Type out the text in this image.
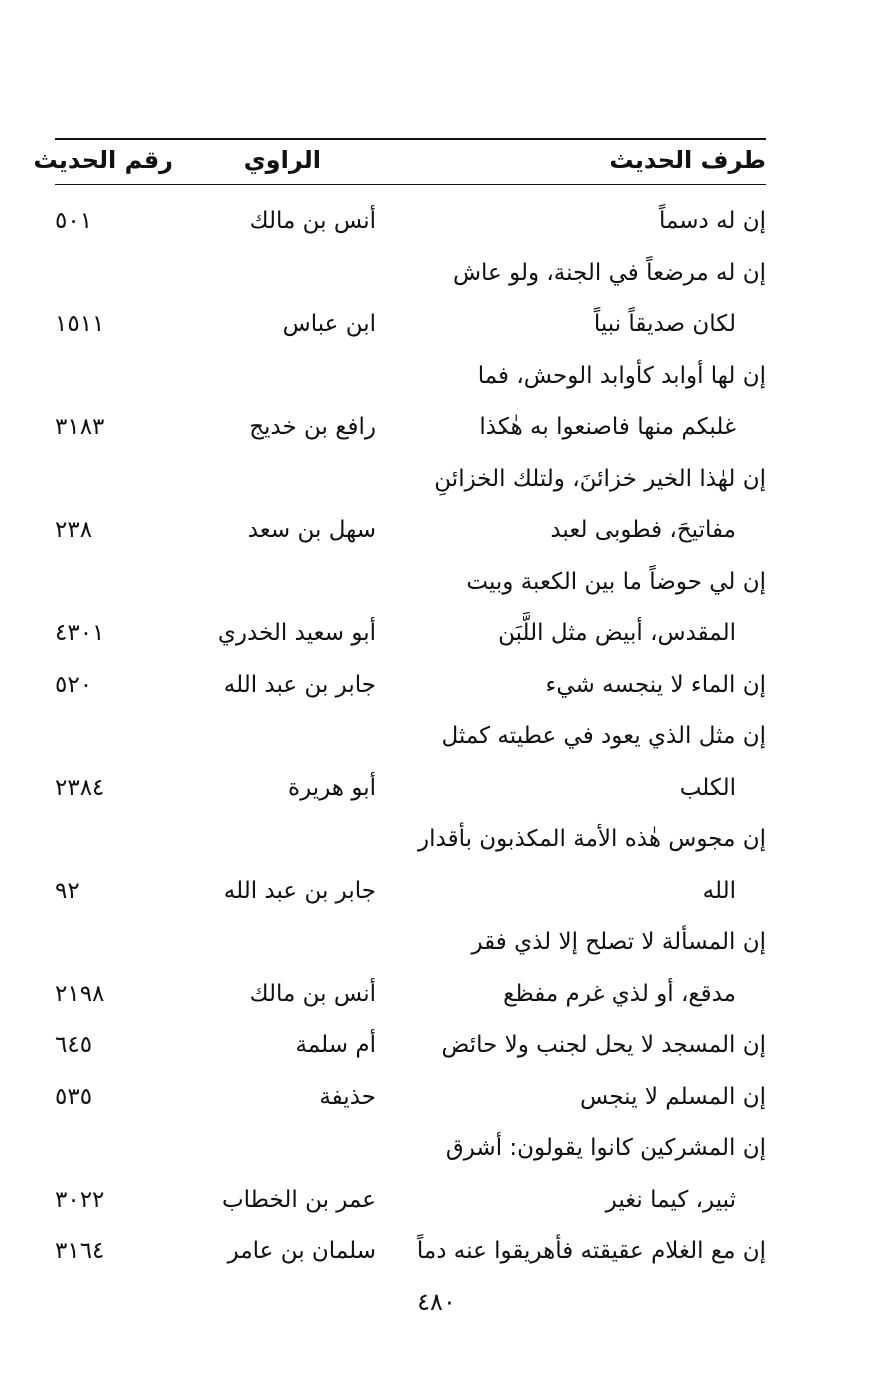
طرف الحديث
الراوي
رقم الحديث
إن له دسماً
أنس بن مالك
٥٠١
إن له مرضعاً في الجنة، ولو عاش
لكان صديقاً نبياً
ابن عباس
١٥١١
إن لها أوابد كأوابد الوحش، فما
غلبكم منها فاصنعوا به هٰكذا
رافع بن خديج
٣١٨٣
إن لهٰذا الخير خزائنَ، ولتلك الخزائنِ
مفاتيحَ، فطوبى لعبد
سهل بن سعد
٢٣٨
إن لي حوضاً ما بين الكعبة وبيت
المقدس، أبيض مثل اللَّبَن
أبو سعيد الخدري
٤٣٠١
إن الماء لا ينجسه شيء
جابر بن عبد الله
٥٢٠
إن مثل الذي يعود في عطيته كمثل
الكلب
أبو هريرة
٢٣٨٤
إن مجوس هٰذه الأمة المكذبون بأقدار
الله
جابر بن عبد الله
٩٢
إن المسألة لا تصلح إلا لذي فقر
مدقع، أو لذي غرم مفظع
أنس بن مالك
٢١٩٨
إن المسجد لا يحل لجنب ولا حائض
أم سلمة
٦٤٥
إن المسلم لا ينجس
حذيفة
٥٣٥
إن المشركين كانوا يقولون: أشرق
ثبير، كيما نغير
عمر بن الخطاب
٣٠٢٢
إن مع الغلام عقيقته فأهريقوا عنه دماً
سلمان بن عامر
٣١٦٤
٤٨٠
